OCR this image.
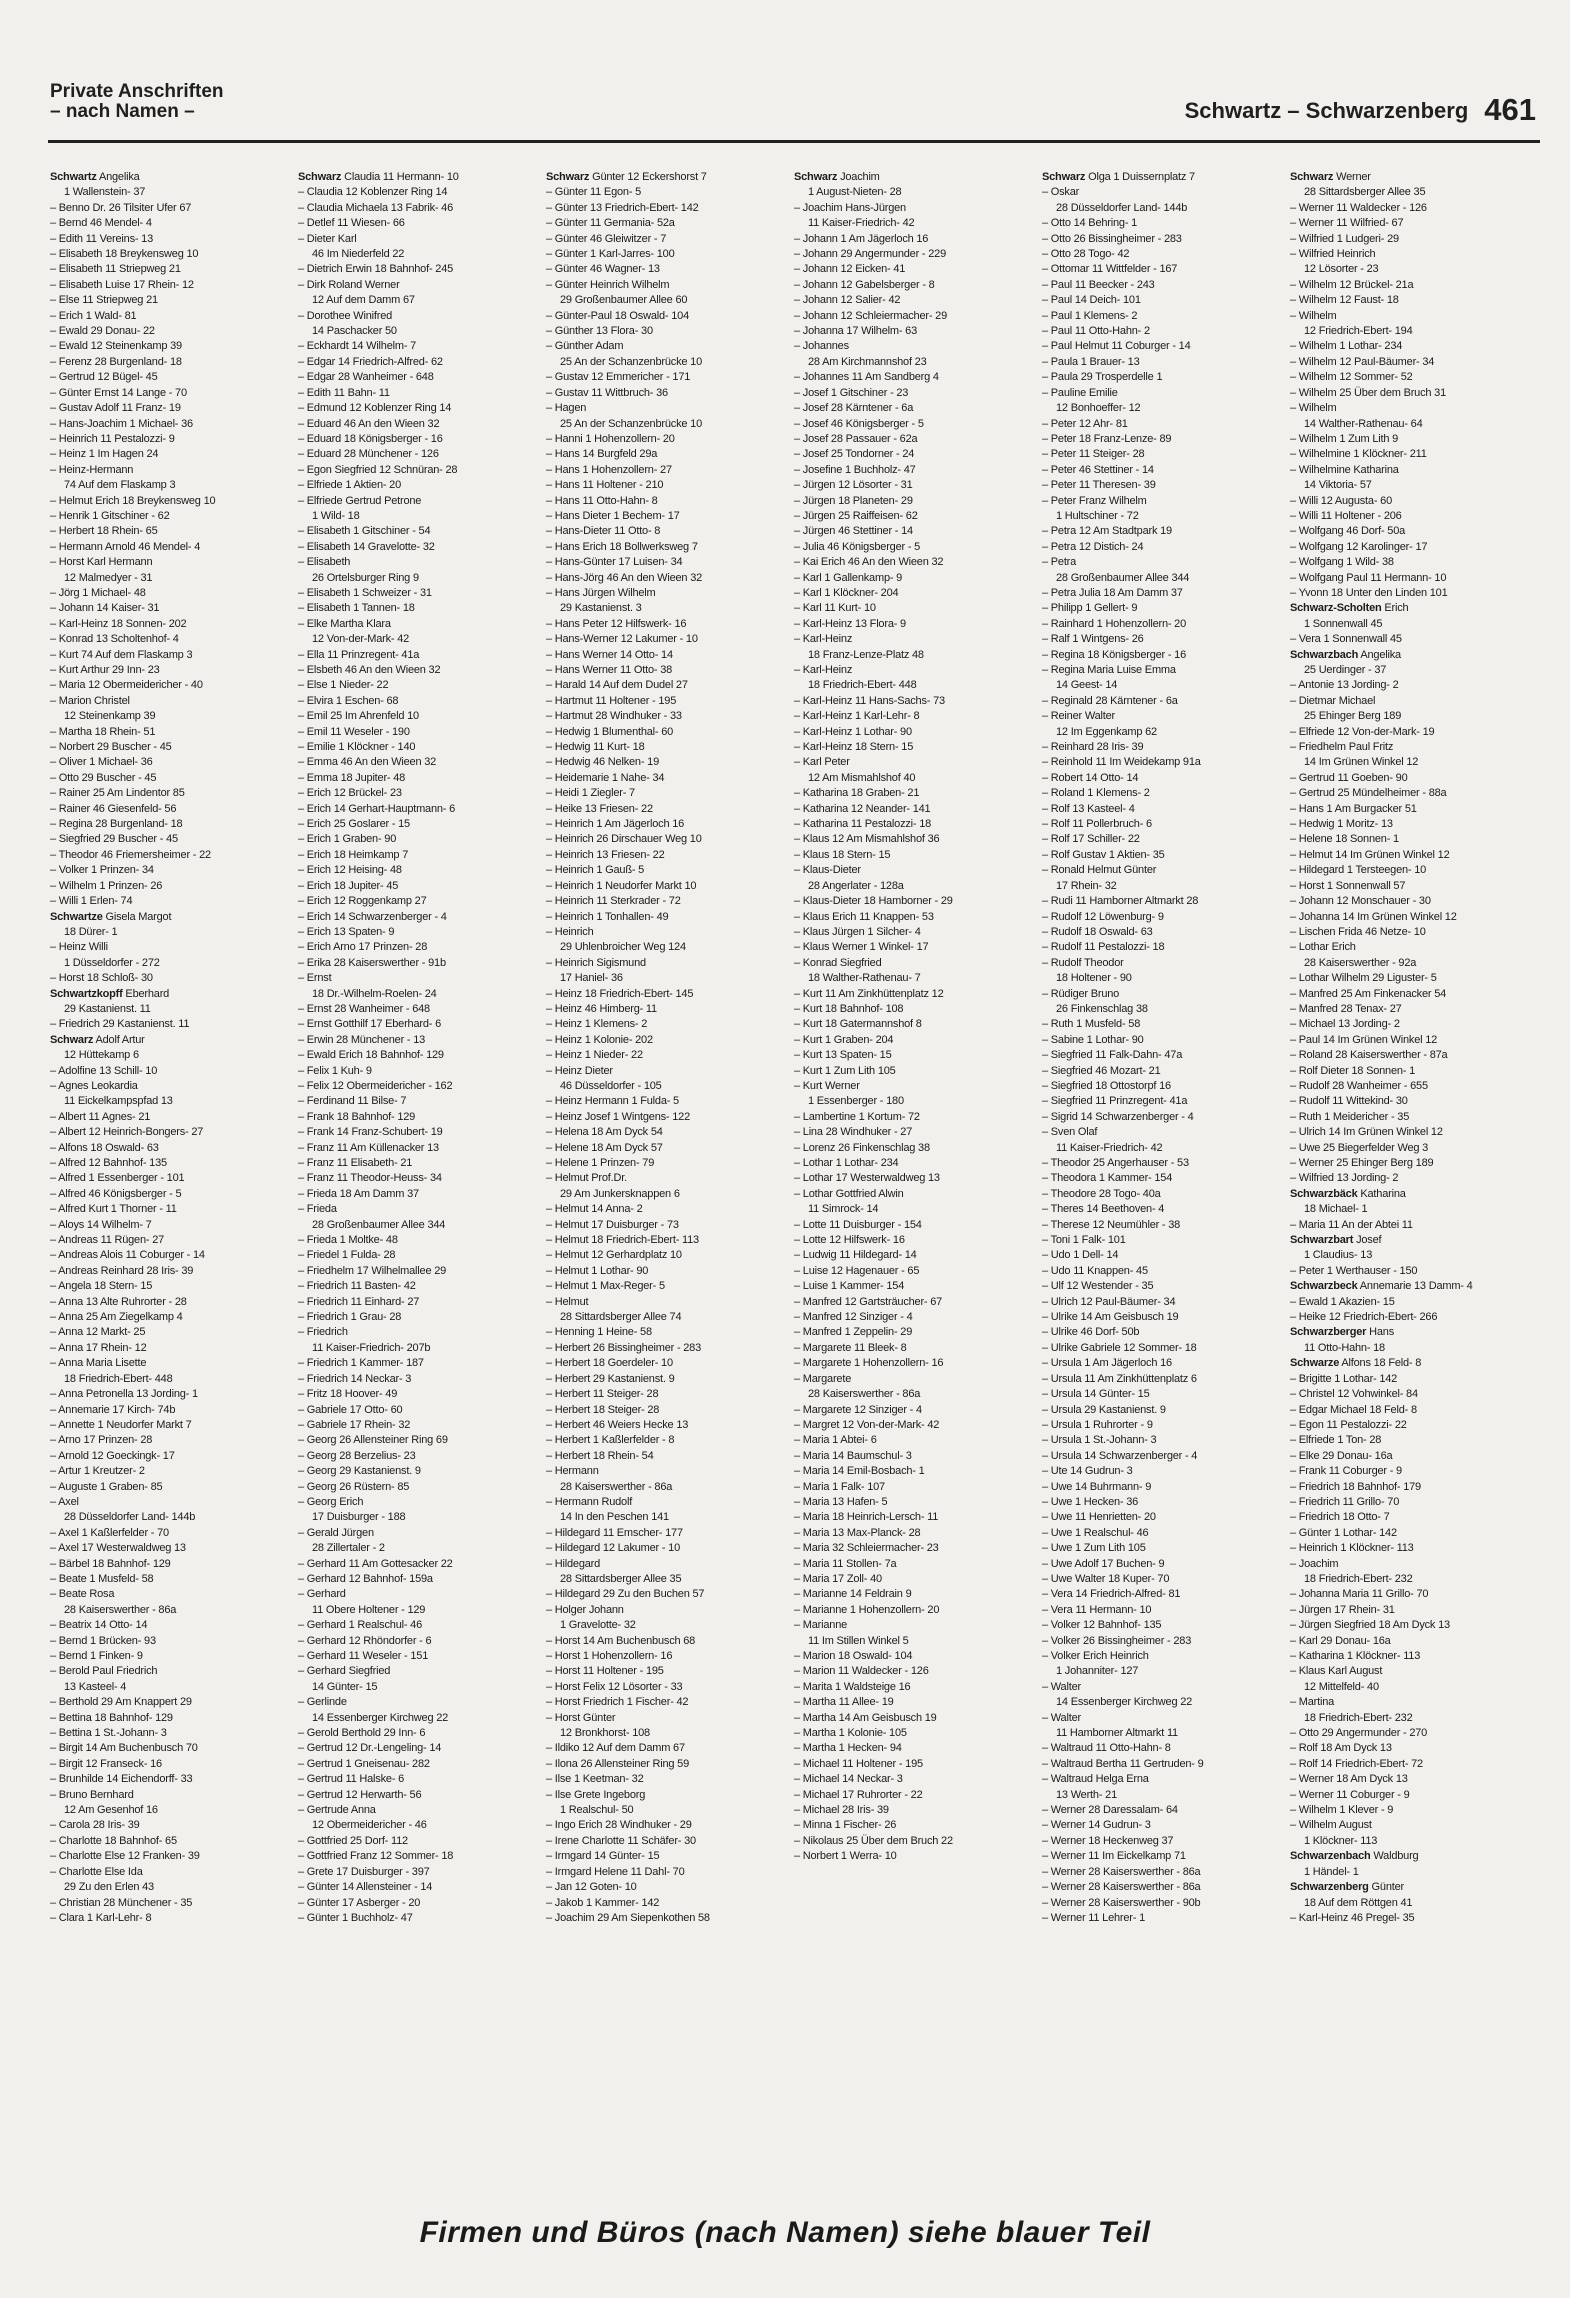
Private Anschriften
– nach Namen –	Schwartz – Schwarzenberg 461
Schwartz Angelika
1 Wallenstein- 37
– Benno Dr. 26 Tilsiter Ufer 67
– Bernd 46 Mendel- 4
– Edith 11 Vereins- 13
– Elisabeth 18 Breykensweg 10
– Elisabeth 11 Striepweg 21
– Elisabeth Luise 17 Rhein- 12
– Else 11 Striepweg 21
– Erich 1 Wald- 81
– Ewald 29 Donau- 22
– Ewald 12 Steinenkamp 39
– Ferenz 28 Burgenland- 18
– Gertrud 12 Bügel- 45
– Günter Ernst 14 Lange - 70
– Gustav Adolf 11 Franz- 19
– Hans-Joachim 1 Michael- 36
– Heinrich 11 Pestalozzi- 9
– Heinz 1 Im Hagen 24
– Heinz-Hermann
74 Auf dem Flaskamp 3
– Helmut Erich 18 Breykensweg 10
– Henrik 1 Gitschiner - 62
– Herbert 18 Rhein- 65
– Hermann Arnold 46 Mendel- 4
– Horst Karl Hermann
12 Malmedyer - 31
– Jörg 1 Michael- 48
– Johann 14 Kaiser- 31
– Karl-Heinz 18 Sonnen- 202
– Konrad 13 Scholtenhof- 4
– Kurt 74 Auf dem Flaskamp 3
– Kurt Arthur 29 Inn- 23
– Maria 12 Obermeidericher - 40
– Marion Christel
12 Steinenkamp 39
– Martha 18 Rhein- 51
– Norbert 29 Buscher - 45
– Oliver 1 Michael- 36
– Otto 29 Buscher - 45
– Rainer 25 Am Lindentor 85
– Rainer 46 Giesenfeld- 56
– Regina 28 Burgenland- 18
– Siegfried 29 Buscher - 45
– Theodor 46 Friemersheimer - 22
– Volker 1 Prinzen- 34
– Wilhelm 1 Prinzen- 26
– Willi 1 Erlen- 74
Schwartze Gisela Margot
18 Dürer- 1
– Heinz Willi
1 Düsseldorfer - 272
– Horst 18 Schloß- 30
Schwartzkopff Eberhard
29 Kastanienst. 11
– Friedrich 29 Kastanienst. 11
Schwarz Adolf Artur
12 Hüttekamp 6
– Adolfine 13 Schill- 10
– Agnes Leokardia
11 Eickelkampspfad 13
– Albert 11 Agnes- 21
– Albert 12 Heinrich-Bongers- 27
– Alfons 18 Oswald- 63
– Alfred 12 Bahnhof- 135
– Alfred 1 Essenberger - 101
– Alfred 46 Königsberger - 5
– Alfred Kurt 1 Thorner - 11
– Aloys 14 Wilhelm- 7
– Andreas 11 Rügen- 27
– Andreas Alois 11 Coburger - 14
– Andreas Reinhard 28 Iris- 39
– Angela 18 Stern- 15
– Anna 13 Alte Ruhrorter - 28
– Anna 25 Am Ziegelkamp 4
– Anna 12 Markt- 25
– Anna 17 Rhein- 12
– Anna Maria Lisette
18 Friedrich-Ebert- 448
– Anna Petronella 13 Jording- 1
– Annemarie 17 Kirch- 74b
– Annette 1 Neudorfer Markt 7
– Arno 17 Prinzen- 28
– Arnold 12 Goeckingk- 17
– Artur 1 Kreutzer- 2
– Auguste 1 Graben- 85
– Axel
28 Düsseldorfer Land- 144b
– Axel 1 Kaßlerfelder - 70
– Axel 17 Westerwaldweg 13
– Bärbel 18 Bahnhof- 129
– Beate 1 Musfeld- 58
– Beate Rosa
28 Kaiserswerther - 86a
– Beatrix 14 Otto- 14
– Bernd 1 Brücken- 93
– Bernd 1 Finken- 9
– Berold Paul Friedrich
13 Kasteel- 4
– Berthold 29 Am Knappert 29
– Bettina 18 Bahnhof- 129
– Bettina 1 St.-Johann- 3
– Birgit 14 Am Buchenbusch 70
– Birgit 12 Franseck- 16
– Brunhilde 14 Eichendorff- 33
– Bruno Bernhard
12 Am Gesenhof 16
– Carola 28 Iris- 39
– Charlotte 18 Bahnhof- 65
– Charlotte Else 12 Franken- 39
– Charlotte Else Ida
29 Zu den Erlen 43
– Christian 28 Münchener - 35
– Clara 1 Karl-Lehr- 8
Schwarz Claudia 11 Hermann- 10
– Claudia 12 Koblenzer Ring 14
– Claudia Michaela 13 Fabrik- 46
– Detlef 11 Wiesen- 66
– Dieter Karl
46 Im Niederfeld 22
– Dietrich Erwin 18 Bahnhof- 245
– Dirk Roland Werner
12 Auf dem Damm 67
– Dorothee Winifred
14 Paschacker 50
– Eckhardt 14 Wilhelm- 7
– Edgar 14 Friedrich-Alfred- 62
– Edgar 28 Wanheimer - 648
– Edith 11 Bahn- 11
– Edmund 12 Koblenzer Ring 14
– Eduard 46 An den Wieen 32
– Eduard 18 Königsberger - 16
– Eduard 28 Münchener - 126
– Egon Siegfried 12 Schnüran- 28
– Elfriede 1 Aktien- 20
– Elfriede Gertrud Petrone
1 Wild- 18
– Elisabeth 1 Gitschiner - 54
– Elisabeth 14 Gravelotte- 32
– Elisabeth
26 Ortelsburger Ring 9
– Elisabeth 1 Schweizer - 31
– Elisabeth 1 Tannen- 18
– Elke Martha Klara
12 Von-der-Mark- 42
– Ella 11 Prinzregent- 41a
– Elsbeth 46 An den Wieen 32
– Else 1 Nieder- 22
– Elvira 1 Eschen- 68
– Emil 25 Im Ahrenfeld 10
– Emil 11 Weseler - 190
– Emilie 1 Klöckner - 140
– Emma 46 An den Wieen 32
– Emma 18 Jupiter- 48
– Erich 12 Brückel- 23
– Erich 14 Gerhart-Hauptmann- 6
– Erich 25 Goslarer - 15
– Erich 1 Graben- 90
– Erich 18 Heimkamp 7
– Erich 12 Heising- 48
– Erich 18 Jupiter- 45
– Erich 12 Roggenkamp 27
– Erich 14 Schwarzenberger - 4
– Erich 13 Spaten- 9
– Erich Arno 17 Prinzen- 28
– Erika 28 Kaiserswerther - 91b
– Ernst
18 Dr.-Wilhelm-Roelen- 24
– Ernst 28 Wanheimer - 648
– Ernst Gotthilf 17 Eberhard- 6
– Erwin 28 Münchener - 13
– Ewald Erich 18 Bahnhof- 129
– Felix 1 Kuh- 9
– Felix 12 Obermeidericher - 162
– Ferdinand 11 Bilse- 7
– Frank 18 Bahnhof- 129
– Frank 14 Franz-Schubert- 19
– Franz 11 Am Küllenacker 13
– Franz 11 Elisabeth- 21
– Franz 11 Theodor-Heuss- 34
– Frieda 18 Am Damm 37
– Frieda
28 Großenbaumer Allee 344
– Frieda 1 Moltke- 48
– Friedel 1 Fulda- 28
– Friedhelm 17 Wilhelmallee 29
– Friedrich 11 Basten- 42
– Friedrich 11 Einhard- 27
– Friedrich 1 Grau- 28
– Friedrich
11 Kaiser-Friedrich- 207b
– Friedrich 1 Kammer- 187
– Friedrich 14 Neckar- 3
– Fritz 18 Hoover- 49
– Gabriele 17 Otto- 60
– Gabriele 17 Rhein- 32
– Georg 26 Allensteiner Ring 69
– Georg 28 Berzelius- 23
– Georg 29 Kastanienst. 9
– Georg 26 Rüstern- 85
– Georg Erich
17 Duisburger - 188
– Gerald Jürgen
28 Zillertaler - 2
– Gerhard 11 Am Gottesacker 22
– Gerhard 12 Bahnhof- 159a
– Gerhard
11 Obere Holtener - 129
– Gerhard 1 Realschul- 46
– Gerhard 12 Rhöndorfer - 6
– Gerhard 11 Weseler - 151
– Gerhard Siegfried
14 Günter- 15
– Gerlinde
14 Essenberger Kirchweg 22
– Gerold Berthold 29 Inn- 6
– Gertrud 12 Dr.-Lengeling- 14
– Gertrud 1 Gneisenau- 282
– Gertrud 11 Halske- 6
– Gertrud 12 Herwarth- 56
– Gertrude Anna
12 Obermeidericher - 46
– Gottfried 25 Dorf- 112
– Gottfried Franz 12 Sommer- 18
– Grete 17 Duisburger - 397
– Günter 14 Allensteiner - 14
– Günter 17 Asberger - 20
– Günter 1 Buchholz- 47
Schwarz Günter 12 Eckershorst 7
– Günter 11 Egon- 5
– Günter 13 Friedrich-Ebert- 142
– Günter 11 Germania- 52a
– Günter 46 Gleiwitzer - 7
– Günter 1 Karl-Jarres- 100
– Günter 46 Wagner- 13
– Günter Heinrich Wilhelm
29 Großenbaumer Allee 60
– Günter-Paul 18 Oswald- 104
– Günther 13 Flora- 30
– Günther Adam
25 An der Schanzenbrücke 10
– Gustav 12 Emmericher - 171
– Gustav 11 Wittbruch- 36
– Hagen
25 An der Schanzenbrücke 10
– Hanni 1 Hohenzollern- 20
– Hans 14 Burgfeld 29a
– Hans 1 Hohenzollern- 27
– Hans 11 Holtener - 210
– Hans 11 Otto-Hahn- 8
– Hans Dieter 1 Bechem- 17
– Hans-Dieter 11 Otto- 8
– Hans Erich 18 Bollwerksweg 7
– Hans-Günter 17 Luisen- 34
– Hans-Jörg 46 An den Wieen 32
– Hans Jürgen Wilhelm
29 Kastanienst. 3
– Hans Peter 12 Hilfswerk- 16
– Hans-Werner 12 Lakumer - 10
– Hans Werner 14 Otto- 14
– Hans Werner 11 Otto- 38
– Harald 14 Auf dem Dudel 27
– Hartmut 11 Holtener - 195
– Hartmut 28 Windhuker - 33
– Hedwig 1 Blumenthal- 60
– Hedwig 11 Kurt- 18
– Hedwig 46 Nelken- 19
– Heidemarie 1 Nahe- 34
– Heidi 1 Ziegler- 7
– Heike 13 Friesen- 22
– Heinrich 1 Am Jägerloch 16
– Heinrich 26 Dirschauer Weg 10
– Heinrich 13 Friesen- 22
– Heinrich 1 Gauß- 5
– Heinrich 1 Neudorfer Markt 10
– Heinrich 11 Sterkrader - 72
– Heinrich 1 Tonhallen- 49
– Heinrich
29 Uhlenbroicher Weg 124
– Heinrich Sigismund
17 Haniel- 36
– Heinz 18 Friedrich-Ebert- 145
– Heinz 46 Himberg- 11
– Heinz 1 Klemens- 2
– Heinz 1 Kolonie- 202
– Heinz 1 Nieder- 22
– Heinz Dieter
46 Düsseldorfer - 105
– Heinz Hermann 1 Fulda- 5
– Heinz Josef 1 Wintgens- 122
– Helena 18 Am Dyck 54
– Helene 18 Am Dyck 57
– Helene 1 Prinzen- 79
– Helmut Prof.Dr.
29 Am Junkersknappen 6
– Helmut 14 Anna- 2
– Helmut 17 Duisburger - 73
– Helmut 18 Friedrich-Ebert- 113
– Helmut 12 Gerhardplatz 10
– Helmut 1 Lothar- 90
– Helmut 1 Max-Reger- 5
– Helmut
28 Sittardsberger Allee 74
– Henning 1 Heine- 58
– Herbert 26 Bissingheimer - 283
– Herbert 18 Goerdeler- 10
– Herbert 29 Kastanienst. 9
– Herbert 11 Steiger- 28
– Herbert 18 Steiger- 28
– Herbert 46 Weiers Hecke 13
– Herbert 1 Kaßlerfelder - 8
– Herbert 18 Rhein- 54
– Hermann
28 Kaiserswerther - 86a
– Hermann Rudolf
14 In den Peschen 141
– Hildegard 11 Emscher- 177
– Hildegard 12 Lakumer - 10
– Hildegard
28 Sittardsberger Allee 35
– Hildegard 29 Zu den Buchen 57
– Holger Johann
1 Gravelotte- 32
– Horst 14 Am Buchenbusch 68
– Horst 1 Hohenzollern- 16
– Horst 11 Holtener - 195
– Horst Felix 12 Lösorter - 33
– Horst Friedrich 1 Fischer- 42
– Horst Günter
12 Bronkhorst- 108
– Ildiko 12 Auf dem Damm 67
– Ilona 26 Allensteiner Ring 59
– Ilse 1 Keetman- 32
– Ilse Grete Ingeborg
1 Realschul- 50
– Ingo Erich 28 Windhuker - 29
– Irene Charlotte 11 Schäfer- 30
– Irmgard 14 Günter- 15
– Irmgard Helene 11 Dahl- 70
– Jan 12 Goten- 10
– Jakob 1 Kammer- 142
– Joachim 29 Am Siepenkothen 58
Schwarz Joachim
1 August-Nieten- 28
– Joachim Hans-Jürgen
11 Kaiser-Friedrich- 42
– Johann 1 Am Jägerloch 16
– Johann 29 Angermunder - 229
– Johann 12 Eicken- 41
– Johann 12 Gabelsberger - 8
– Johann 12 Salier- 42
– Johann 12 Schleiermacher- 29
– Johanna 17 Wilhelm- 63
– Johannes
28 Am Kirchmannshof 23
– Johannes 11 Am Sandberg 4
– Josef 1 Gitschiner - 23
– Josef 28 Kärntener - 6a
– Josef 46 Königsberger - 5
– Josef 28 Passauer - 62a
– Josef 25 Tondorner - 24
– Josefine 1 Buchholz- 47
– Jürgen 12 Lösorter - 31
– Jürgen 18 Planeten- 29
– Jürgen 25 Raiffeisen- 62
– Jürgen 46 Stettiner - 14
– Julia 46 Königsberger - 5
– Kai Erich 46 An den Wieen 32
– Karl 1 Gallenkamp- 9
– Karl 1 Klöckner- 204
– Karl 11 Kurt- 10
– Karl-Heinz 13 Flora- 9
– Karl-Heinz
18 Franz-Lenze-Platz 48
– Karl-Heinz
18 Friedrich-Ebert- 448
– Karl-Heinz 11 Hans-Sachs- 73
– Karl-Heinz 1 Karl-Lehr- 8
– Karl-Heinz 1 Lothar- 90
– Karl-Heinz 18 Stern- 15
– Karl Peter
12 Am Mismahlshof 40
– Katharina 18 Graben- 21
– Katharina 12 Neander- 141
– Katharina 11 Pestalozzi- 18
– Klaus 12 Am Mismahlshof 36
– Klaus 18 Stern- 15
– Klaus-Dieter
28 Angerlater - 128a
– Klaus-Dieter 18 Hamborner - 29
– Klaus Erich 11 Knappen- 53
– Klaus Jürgen 1 Silcher- 4
– Klaus Werner 1 Winkel- 17
– Konrad Siegfried
18 Walther-Rathenau- 7
– Kurt 11 Am Zinkhüttenplatz 12
– Kurt 18 Bahnhof- 108
– Kurt 18 Gatermannshof 8
– Kurt 1 Graben- 204
– Kurt 13 Spaten- 15
– Kurt 1 Zum Lith 105
– Kurt Werner
1 Essenberger - 180
– Lambertine 1 Kortum- 72
– Lina 28 Windhuker - 27
– Lorenz 26 Finkenschlag 38
– Lothar 1 Lothar- 234
– Lothar 17 Westerwaldweg 13
– Lothar Gottfried Alwin
11 Simrock- 14
– Lotte 11 Duisburger - 154
– Lotte 12 Hilfswerk- 16
– Ludwig 11 Hildegard- 14
– Luise 12 Hagenauer - 65
– Luise 1 Kammer- 154
– Manfred 12 Gartsträucher- 67
– Manfred 12 Sinziger - 4
– Manfred 1 Zeppelin- 29
– Margarete 11 Bleek- 8
– Margarete 1 Hohenzollern- 16
– Margarete
28 Kaiserswerther - 86a
– Margarete 12 Sinziger - 4
– Margret 12 Von-der-Mark- 42
– Maria 1 Abtei- 6
– Maria 14 Baumschul- 3
– Maria 14 Emil-Bosbach- 1
– Maria 1 Falk- 107
– Maria 13 Hafen- 5
– Maria 18 Heinrich-Lersch- 11
– Maria 13 Max-Planck- 28
– Maria 32 Schleiermacher- 23
– Maria 11 Stollen- 7a
– Maria 17 Zoll- 40
– Marianne 14 Feldrain 9
– Marianne 1 Hohenzollern- 20
– Marianne
11 Im Stillen Winkel 5
– Marion 18 Oswald- 104
– Marion 11 Waldecker - 126
– Marita 1 Waldsteige 16
– Martha 11 Allee- 19
– Martha 14 Am Geisbusch 19
– Martha 1 Kolonie- 105
– Martha 1 Hecken- 94
– Michael 11 Holtener - 195
– Michael 14 Neckar- 3
– Michael 17 Ruhrorter - 22
– Michael 28 Iris- 39
– Minna 1 Fischer- 26
– Nikolaus 25 Über dem Bruch 22
– Norbert 1 Werra- 10
Schwarz Olga 1 Duissernplatz 7
– Oskar
28 Düsseldorfer Land- 144b
– Otto 14 Behring- 1
– Otto 26 Bissingheimer - 283
– Otto 28 Togo- 42
– Ottomar 11 Wittfelder - 167
– Paul 11 Beecker - 243
– Paul 14 Deich- 101
– Paul 1 Klemens- 2
– Paul 11 Otto-Hahn- 2
– Paul Helmut 11 Coburger - 14
– Paula 1 Brauer- 13
– Paula 29 Trosperdelle 1
– Pauline Emilie
12 Bonhoeffer- 12
– Peter 12 Ahr- 81
– Peter 18 Franz-Lenze- 89
– Peter 11 Steiger- 28
– Peter 46 Stettiner - 14
– Peter 11 Theresen- 39
– Peter Franz Wilhelm
1 Hultschiner - 72
– Petra 12 Am Stadtpark 19
– Petra 12 Distich- 24
– Petra
28 Großenbaumer Allee 344
– Petra Julia 18 Am Damm 37
– Philipp 1 Gellert- 9
– Rainhard 1 Hohenzollern- 20
– Ralf 1 Wintgens- 26
– Regina 18 Königsberger - 16
– Regina Maria Luise Emma
14 Geest- 14
– Reginald 28 Kärntener - 6a
– Reiner Walter
12 Im Eggenkamp 62
– Reinhard 28 Iris- 39
– Reinhold 11 Im Weidekamp 91a
– Robert 14 Otto- 14
– Roland 1 Klemens- 2
– Rolf 13 Kasteel- 4
– Rolf 11 Pollerbruch- 6
– Rolf 17 Schiller- 22
– Rolf Gustav 1 Aktien- 35
– Ronald Helmut Günter
17 Rhein- 32
– Rudi 11 Hamborner Altmarkt 28
– Rudolf 12 Löwenburg- 9
– Rudolf 18 Oswald- 63
– Rudolf 11 Pestalozzi- 18
– Rudolf Theodor
18 Holtener - 90
– Rüdiger Bruno
26 Finkenschlag 38
– Ruth 1 Musfeld- 58
– Sabine 1 Lothar- 90
– Siegfried 11 Falk-Dahn- 47a
– Siegfried 46 Mozart- 21
– Siegfried 18 Ottostorpf 16
– Siegfried 11 Prinzregent- 41a
– Sigrid 14 Schwarzenberger - 4
– Sven Olaf
11 Kaiser-Friedrich- 42
– Theodor 25 Angerhauser - 53
– Theodora 1 Kammer- 154
– Theodore 28 Togo- 40a
– Theres 14 Beethoven- 4
– Therese 12 Neumühler - 38
– Toni 1 Falk- 101
– Udo 1 Dell- 14
– Udo 11 Knappen- 45
– Ulf 12 Westender - 35
– Ulrich 12 Paul-Bäumer- 34
– Ulrike 14 Am Geisbusch 19
– Ulrike 46 Dorf- 50b
– Ulrike Gabriele 12 Sommer- 18
– Ursula 1 Am Jägerloch 16
– Ursula 11 Am Zinkhüttenplatz 6
– Ursula 14 Günter- 15
– Ursula 29 Kastanienst. 9
– Ursula 1 Ruhrorter - 9
– Ursula 1 St.-Johann- 3
– Ursula 14 Schwarzenberger - 4
– Ute 14 Gudrun- 3
– Uwe 14 Buhrmann- 9
– Uwe 1 Hecken- 36
– Uwe 11 Henrietten- 20
– Uwe 1 Realschul- 46
– Uwe 1 Zum Lith 105
– Uwe Adolf 17 Buchen- 9
– Uwe Walter 18 Kuper- 70
– Vera 14 Friedrich-Alfred- 81
– Vera 11 Hermann- 10
– Volker 12 Bahnhof- 135
– Volker 26 Bissingheimer - 283
– Volker Erich Heinrich
1 Johanniter- 127
– Walter
14 Essenberger Kirchweg 22
– Walter
11 Hamborner Altmarkt 11
– Waltraud 11 Otto-Hahn- 8
– Waltraud Bertha 11 Gertruden- 9
– Waltraud Helga Erna
13 Werth- 21
– Werner 28 Daressalam- 64
– Werner 14 Gudrun- 3
– Werner 18 Heckenweg 37
– Werner 11 Im Eickelkamp 71
– Werner 28 Kaiserswerther - 86a
– Werner 28 Kaiserswerther - 86a
– Werner 28 Kaiserswerther - 90b
– Werner 11 Lehrer- 1
Schwarz Werner
28 Sittardsberger Allee 35
– Werner 11 Waldecker - 126
– Werner 11 Wilfried- 67
– Wilfried 1 Ludgeri- 29
– Wilfried Heinrich
12 Lösorter - 23
– Wilhelm 12 Brückel- 21a
– Wilhelm 12 Faust- 18
– Wilhelm
12 Friedrich-Ebert- 194
– Wilhelm 1 Lothar- 234
– Wilhelm 12 Paul-Bäumer- 34
– Wilhelm 12 Sommer- 52
– Wilhelm 25 Über dem Bruch 31
– Wilhelm
14 Walther-Rathenau- 64
– Wilhelm 1 Zum Lith 9
– Wilhelmine 1 Klöckner- 211
– Wilhelmine Katharina
14 Viktoria- 57
– Willi 12 Augusta- 60
– Willi 11 Holtener - 206
– Wolfgang 46 Dorf- 50a
– Wolfgang 12 Karolinger- 17
– Wolfgang 1 Wild- 38
– Wolfgang Paul 11 Hermann- 10
– Yvonn 18 Unter den Linden 101
Schwarz-Scholten Erich
1 Sonnenwall 45
– Vera 1 Sonnenwall 45
Schwarzbach Angelika
25 Uerdinger - 37
– Antonie 13 Jording- 2
– Dietmar Michael
25 Ehinger Berg 189
– Elfriede 12 Von-der-Mark- 19
– Friedhelm Paul Fritz
14 Im Grünen Winkel 12
– Gertrud 11 Goeben- 90
– Gertrud 25 Mündelheimer - 88a
– Hans 1 Am Burgacker 51
– Hedwig 1 Moritz- 13
– Helene 18 Sonnen- 1
– Helmut 14 Im Grünen Winkel 12
– Hildegard 1 Tersteegen- 10
– Horst 1 Sonnenwall 57
– Johann 12 Monschauer - 30
– Johanna 14 Im Grünen Winkel 12
– Lischen Frida 46 Netze- 10
– Lothar Erich
28 Kaiserswerther - 92a
– Lothar Wilhelm 29 Liguster- 5
– Manfred 25 Am Finkenacker 54
– Manfred 28 Tenax- 27
– Michael 13 Jording- 2
– Paul 14 Im Grünen Winkel 12
– Roland 28 Kaiserswerther - 87a
– Rolf Dieter 18 Sonnen- 1
– Rudolf 28 Wanheimer - 655
– Rudolf 11 Wittekind- 30
– Ruth 1 Meidericher - 35
– Ulrich 14 Im Grünen Winkel 12
– Uwe 25 Biegerfelder Weg 3
– Werner 25 Ehinger Berg 189
– Wilfried 13 Jording- 2
Schwarzbäck Katharina
18 Michael- 1
– Maria 11 An der Abtei 11
Schwarzbart Josef
1 Claudius- 13
– Peter 1 Werthauser - 150
Schwarzbeck Annemarie 13 Damm- 4
– Ewald 1 Akazien- 15
– Heike 12 Friedrich-Ebert- 266
Schwarzberger Hans
11 Otto-Hahn- 18
Schwarze Alfons 18 Feld- 8
– Brigitte 1 Lothar- 142
– Christel 12 Vohwinkel- 84
– Edgar Michael 18 Feld- 8
– Egon 11 Pestalozzi- 22
– Elfriede 1 Ton- 28
– Elke 29 Donau- 16a
– Frank 11 Coburger - 9
– Friedrich 18 Bahnhof- 179
– Friedrich 11 Grillo- 70
– Friedrich 18 Otto- 7
– Günter 1 Lothar- 142
– Heinrich 1 Klöckner- 113
– Joachim
18 Friedrich-Ebert- 232
– Johanna Maria 11 Grillo- 70
– Jürgen 17 Rhein- 31
– Jürgen Siegfried 18 Am Dyck 13
– Karl 29 Donau- 16a
– Katharina 1 Klöckner- 113
– Klaus Karl August
12 Mittelfeld- 40
– Martina
18 Friedrich-Ebert- 232
– Otto 29 Angermunder - 270
– Rolf 18 Am Dyck 13
– Rolf 14 Friedrich-Ebert- 72
– Werner 18 Am Dyck 13
– Werner 11 Coburger - 9
– Wilhelm 1 Klever - 9
– Wilhelm August
1 Klöckner- 113
Schwarzenbach Waldburg
1 Händel- 1
Schwarzenberg Günter
18 Auf dem Röttgen 41
– Karl-Heinz 46 Pregel- 35
Firmen und Büros (nach Namen) siehe blauer Teil
